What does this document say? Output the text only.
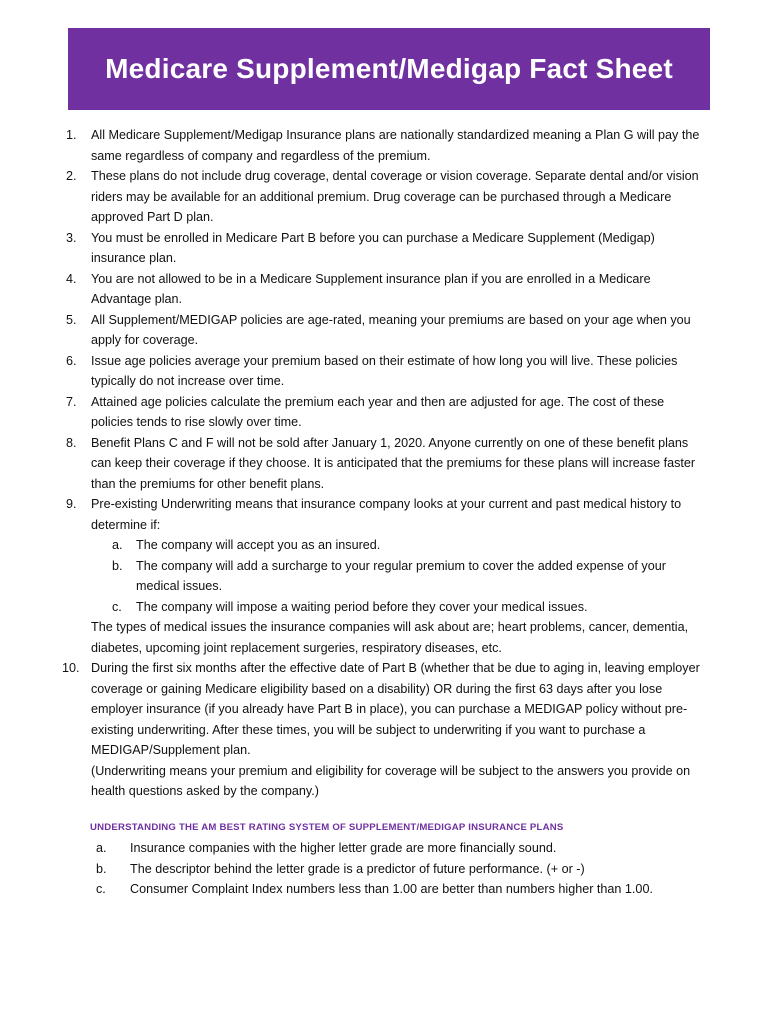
Medicare Supplement/Medigap Fact Sheet
1.	All Medicare Supplement/Medigap Insurance plans are nationally standardized meaning a Plan G will pay the same regardless of company and regardless of the premium.
2.	These plans do not include drug coverage, dental coverage or vision coverage. Separate dental and/or vision riders may be available for an additional premium. Drug coverage can be purchased through a Medicare approved Part D plan.
3.	You must be enrolled in Medicare Part B before you can purchase a Medicare Supplement (Medigap) insurance plan.
4.	You are not allowed to be in a Medicare Supplement insurance plan if you are enrolled in a Medicare Advantage plan.
5.	All Supplement/MEDIGAP policies are age-rated, meaning your premiums are based on your age when you apply for coverage.
6.	Issue age policies average your premium based on their estimate of how long you will live. These policies typically do not increase over time.
7.	Attained age policies calculate the premium each year and then are adjusted for age. The cost of these policies tends to rise slowly over time.
8.	Benefit Plans C and F will not be sold after January 1, 2020. Anyone currently on one of these benefit plans can keep their coverage if they choose. It is anticipated that the premiums for these plans will increase faster than the premiums for other benefit plans.
9.	Pre-existing Underwriting means that insurance company looks at your current and past medical history to determine if:
a.	The company will accept you as an insured.
b.	The company will add a surcharge to your regular premium to cover the added expense of your medical issues.
c.	The company will impose a waiting period before they cover your medical issues.
The types of medical issues the insurance companies will ask about are; heart problems, cancer, dementia, diabetes, upcoming joint replacement surgeries, respiratory diseases, etc.
10. During the first six months after the effective date of Part B (whether that be due to aging in, leaving employer coverage or gaining Medicare eligibility based on a disability) OR during the first 63 days after you lose employer insurance (if you already have Part B in place), you can purchase a MEDIGAP policy without pre-existing underwriting. After these times, you will be subject to underwriting if you want to purchase a MEDIGAP/Supplement plan.
(Underwriting means your premium and eligibility for coverage will be subject to the answers you provide on health questions asked by the company.)
UNDERSTANDING THE AM BEST RATING SYSTEM OF SUPPLEMENT/MEDIGAP INSURANCE PLANS
a.	Insurance companies with the higher letter grade are more financially sound.
b.	The descriptor behind the letter grade is a predictor of future performance. (+ or -)
c.	Consumer Complaint Index numbers less than 1.00 are better than numbers higher than 1.00.
